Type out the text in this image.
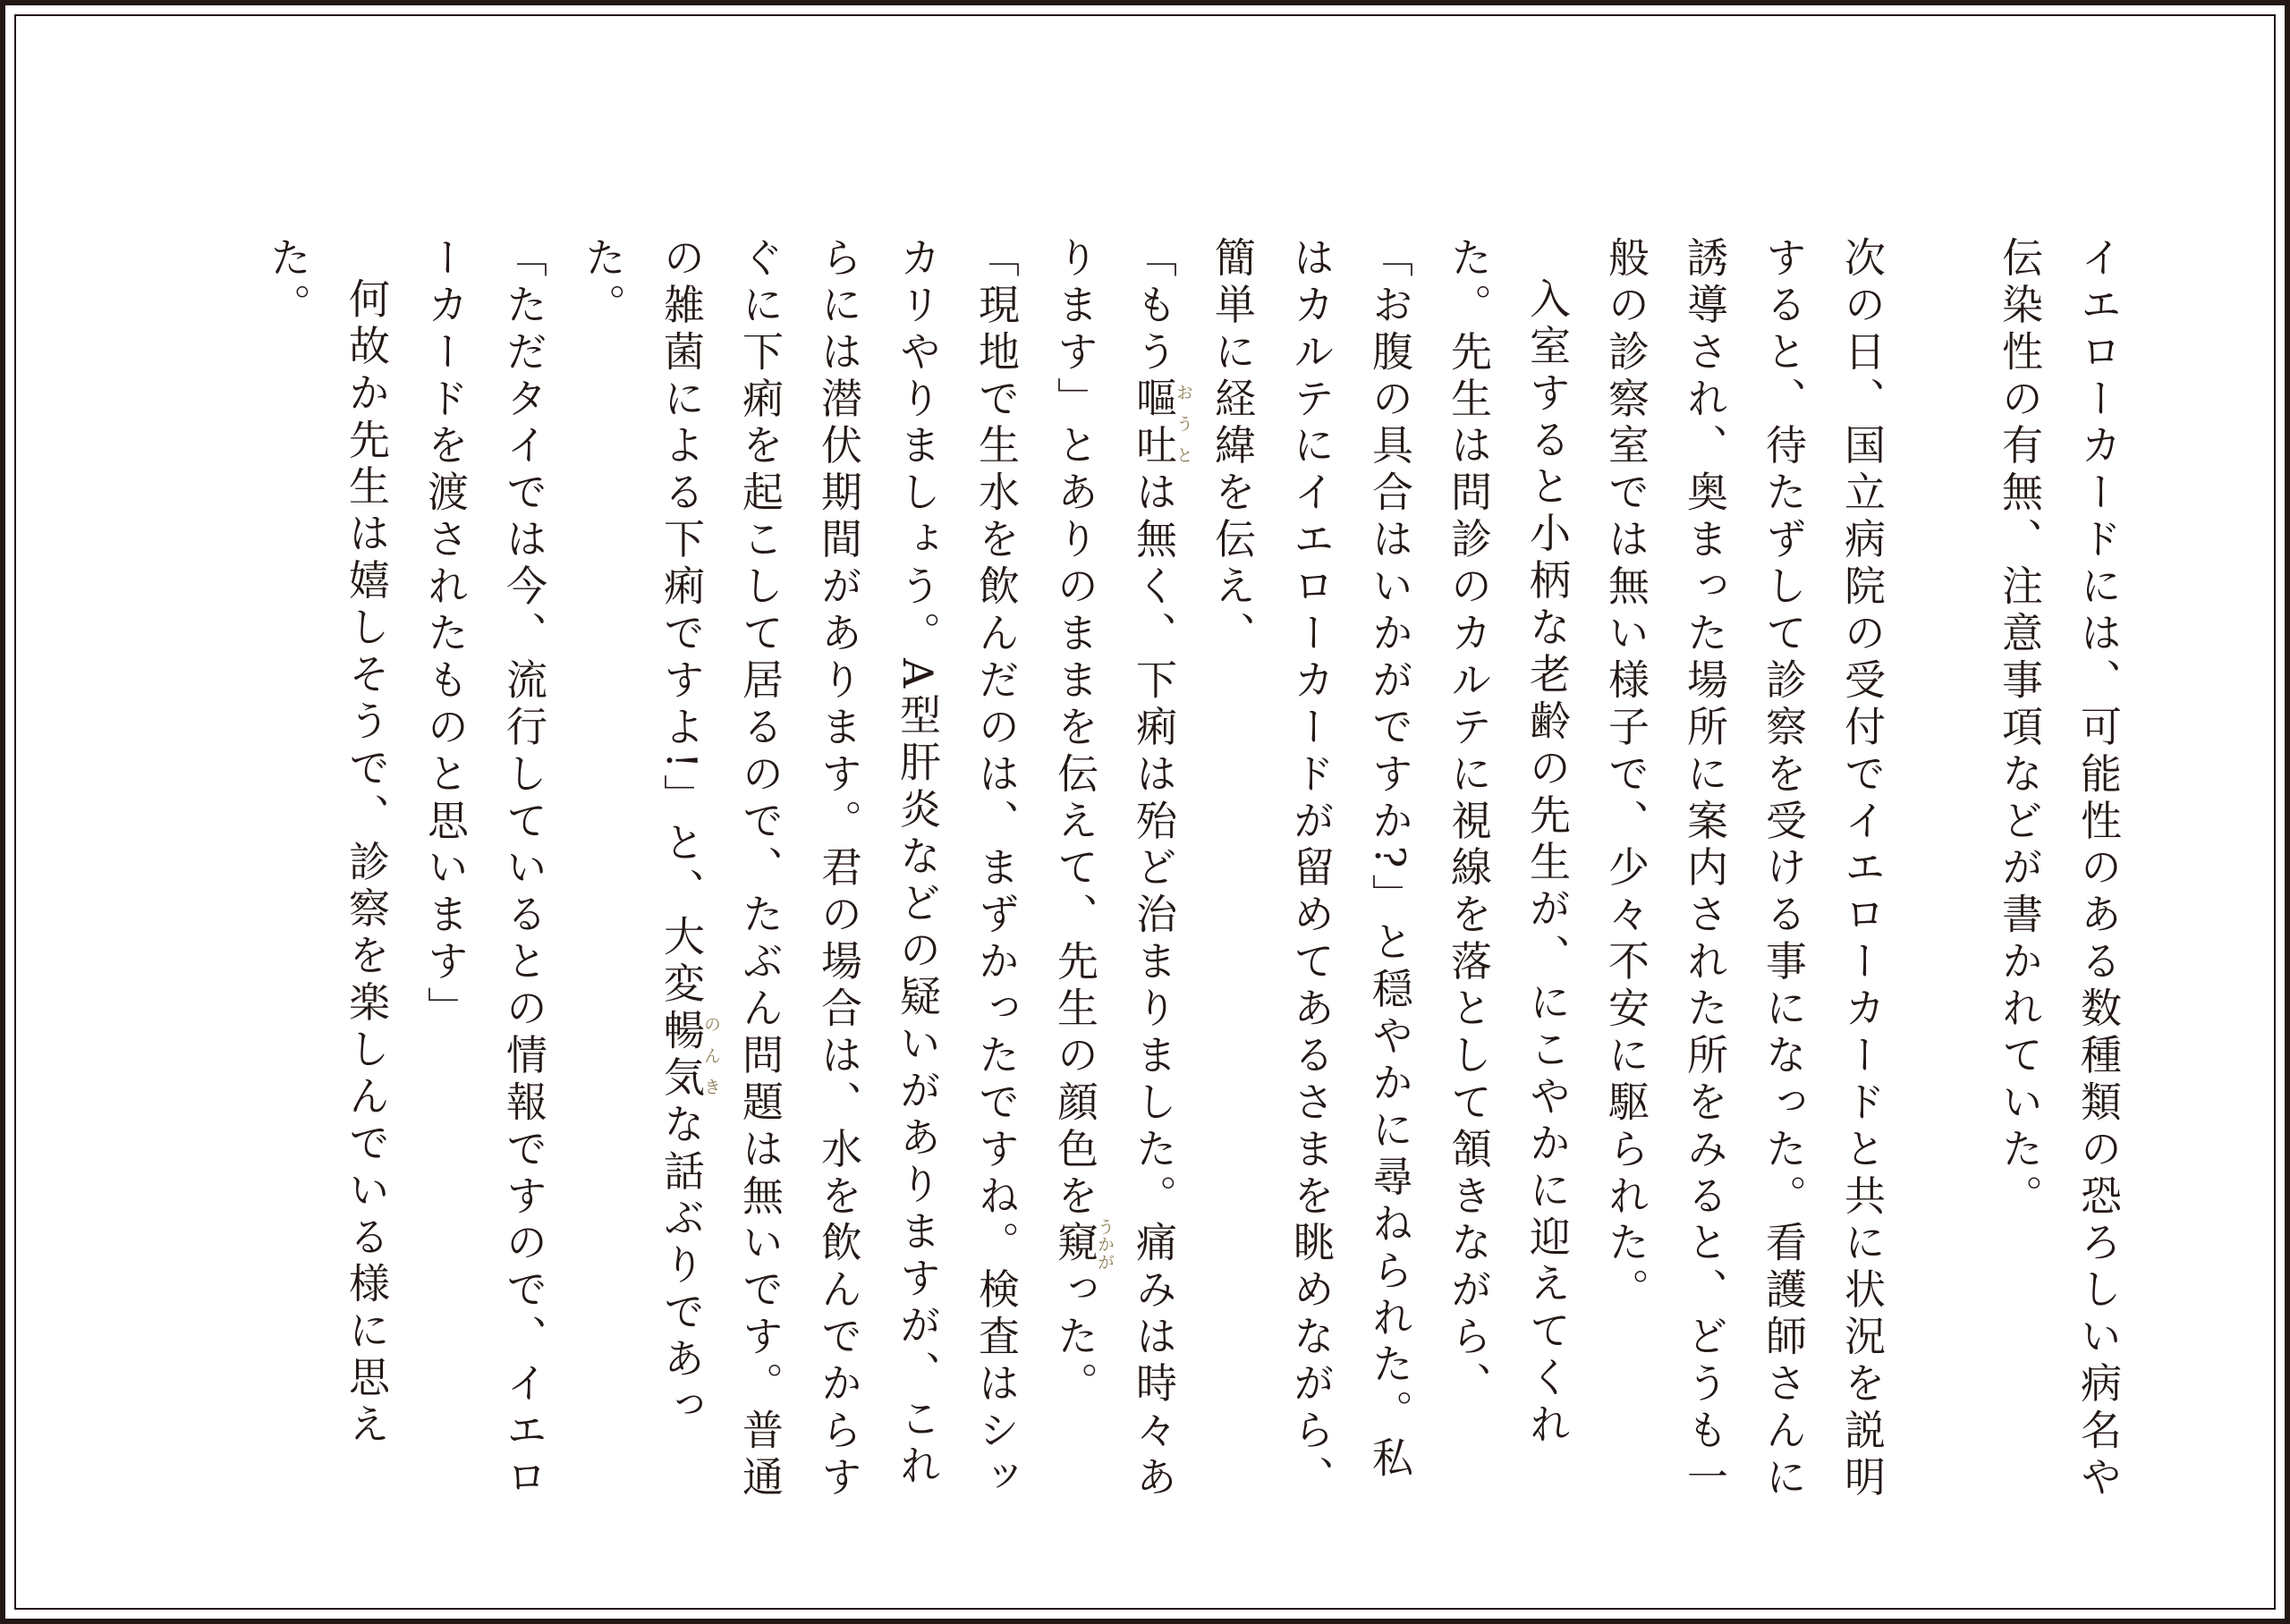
イエローカードには、可能性のある数種類の恐ろしい病名や伝染性の有無、注意事項などが書かれていた。

次の日、国立病院の受付でイエローカードと共に状況を説明すると、待たずして診察を受ける事になった。看護師さんに誘導され、奥まった場所に案内された所をみると、どうも一般の診察室では無い様子で、少々不安に駆られた。

入室すると小柄な老齢の先生が、にこやかに迎えてくれた。先生は問診のカルテに視線を落として頷きながら、

「お腹の具合はいかがですか?」と穏やかに尋ねられた。私はカルテにイエローカードが留めてあるさまを眺めながら、簡単に経緯を伝え、

「もう嘔吐おうとは無く、下痢は殆ど治まりました。痛みは時々あります」とありのままを伝えて、先生の顔色を窺うかがった。

「現地で生水を飲んだのは、まずかったですね。検査はシッカリやりましょう。A型肝炎などの疑いがありますが、これらには潜伏期間があります。君の場合は、水を飲んでからすぐに下痢を起こして居るので、たぶん問題は無いです。普通の雑菌による下痢ですよ!」と、大変暢気のんきな話ぶりであった。

「ただタイでは今、流行しているとの情報ですので、イエローカードを渡されたものと思います」

何故か先生は嬉しそうで、診察を楽しんでいる様に思えた。
